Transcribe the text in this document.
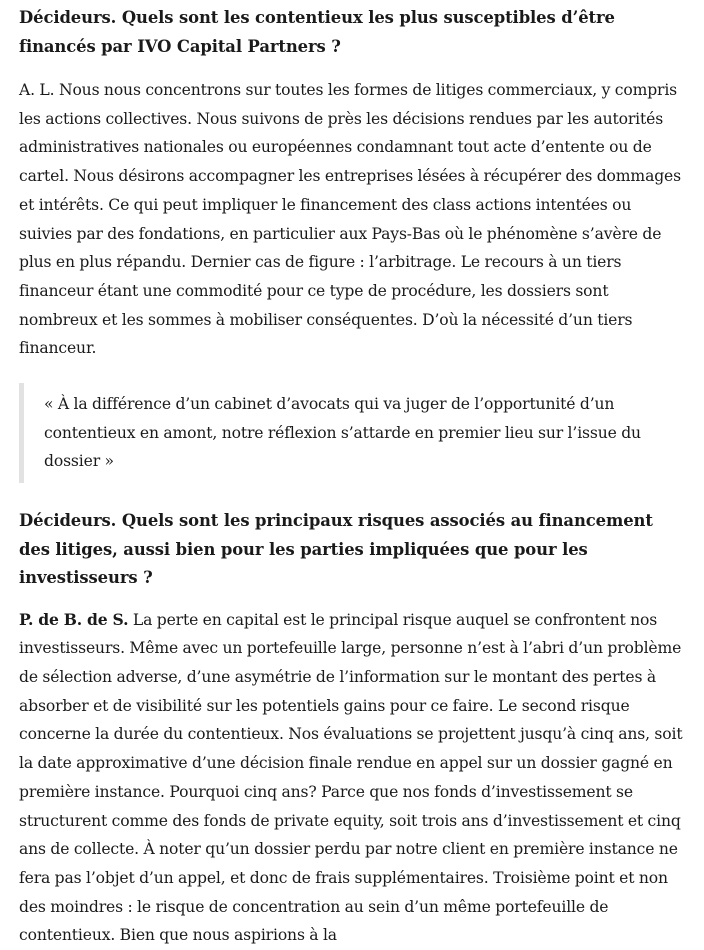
Décideurs. Quels sont les contentieux les plus susceptibles d’être financés par IVO Capital Partners ?

A. L. Nous nous concentrons sur toutes les formes de litiges commerciaux, y compris les actions collectives. Nous suivons de près les décisions rendues par les autorités administratives nationales ou européennes condamnant tout acte d’entente ou de cartel. Nous désirons accompagner les entreprises lésées à récupérer des dommages et intérêts. Ce qui peut impliquer le financement des class actions intentées ou suivies par des fondations, en particulier aux Pays-Bas où le phénomène s’avère de plus en plus répandu. Dernier cas de figure : l’arbitrage. Le recours à un tiers financeur étant une commodité pour ce type de procédure, les dossiers sont nombreux et les sommes à mobiliser conséquentes. D’où la nécessité d’un tiers financeur.

« À la différence d’un cabinet d’avocats qui va juger de l’opportunité d’un contentieux en amont, notre réflexion s’attarde en premier lieu sur l’issue du dossier »

Décideurs. Quels sont les principaux risques associés au financement des litiges, aussi bien pour les parties impliquées que pour les investisseurs ?

P. de B. de S. La perte en capital est le principal risque auquel se confrontent nos investisseurs. Même avec un portefeuille large, personne n’est à l’abri d’un problème de sélection adverse, d’une asymétrie de l’information sur le montant des pertes à absorber et de visibilité sur les potentiels gains pour ce faire. Le second risque concerne la durée du contentieux. Nos évaluations se projettent jusqu’à cinq ans, soit la date approximative d’une décision finale rendue en appel sur un dossier gagné en première instance. Pourquoi cinq ans? Parce que nos fonds d’investissement se structurent comme des fonds de private equity, soit trois ans d’investissement et cinq ans de collecte. À noter qu’un dossier perdu par notre client en première instance ne fera pas l’objet d’un appel, et donc de frais supplémentaires. Troisième point et non des moindres : le risque de concentration au sein d’un même portefeuille de contentieux. Bien que nous aspirions à la
